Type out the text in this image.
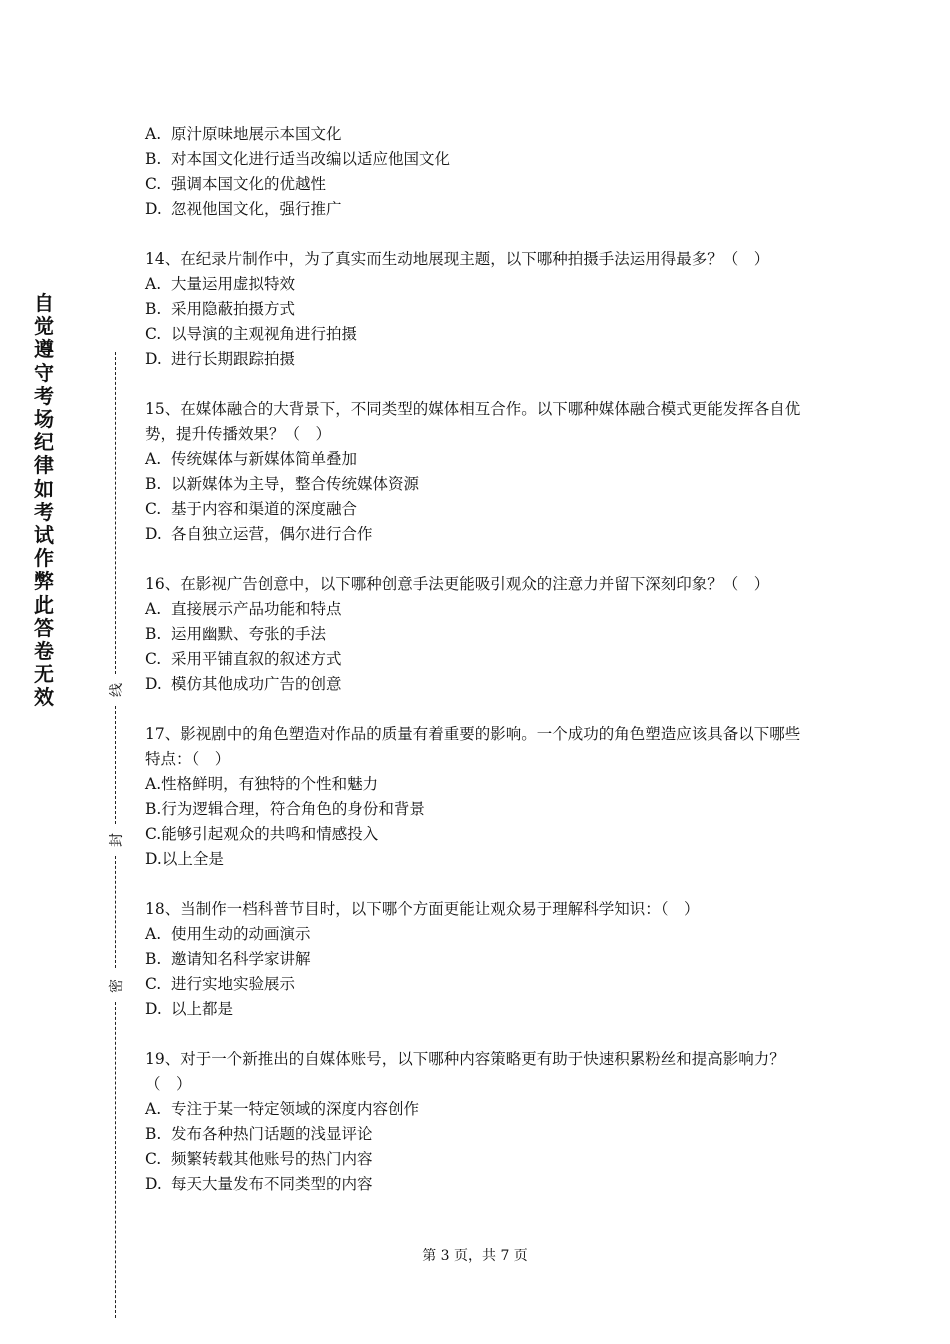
自觉遵守考场纪律如考试作弊此答卷无效	线
封
密
A. 原汁原味地展示本国文化
B. 对本国文化进行适当改编以适应他国文化
C. 强调本国文化的优越性
D. 忽视他国文化，强行推广
14、在纪录片制作中，为了真实而生动地展现主题，以下哪种拍摄手法运用得最多？（　）
A. 大量运用虚拟特效
B. 采用隐蔽拍摄方式
C. 以导演的主观视角进行拍摄
D. 进行长期跟踪拍摄
15、在媒体融合的大背景下，不同类型的媒体相互合作。以下哪种媒体融合模式更能发挥各自优势，提升传播效果？（　）
A. 传统媒体与新媒体简单叠加
B. 以新媒体为主导，整合传统媒体资源
C. 基于内容和渠道的深度融合
D. 各自独立运营，偶尔进行合作
16、在影视广告创意中，以下哪种创意手法更能吸引观众的注意力并留下深刻印象？（　）
A. 直接展示产品功能和特点
B. 运用幽默、夸张的手法
C. 采用平铺直叙的叙述方式
D. 模仿其他成功广告的创意
17、影视剧中的角色塑造对作品的质量有着重要的影响。一个成功的角色塑造应该具备以下哪些特点：（　）
A.性格鲜明，有独特的个性和魅力
B.行为逻辑合理，符合角色的身份和背景
C.能够引起观众的共鸣和情感投入
D.以上全是
18、当制作一档科普节目时，以下哪个方面更能让观众易于理解科学知识：（　）
A. 使用生动的动画演示
B. 邀请知名科学家讲解
C. 进行实地实验展示
D. 以上都是
19、对于一个新推出的自媒体账号，以下哪种内容策略更有助于快速积累粉丝和提高影响力？（　）
A. 专注于某一特定领域的深度内容创作
B. 发布各种热门话题的浅显评论
C. 频繁转载其他账号的热门内容
D. 每天大量发布不同类型的内容
第 3 页，共 7 页
